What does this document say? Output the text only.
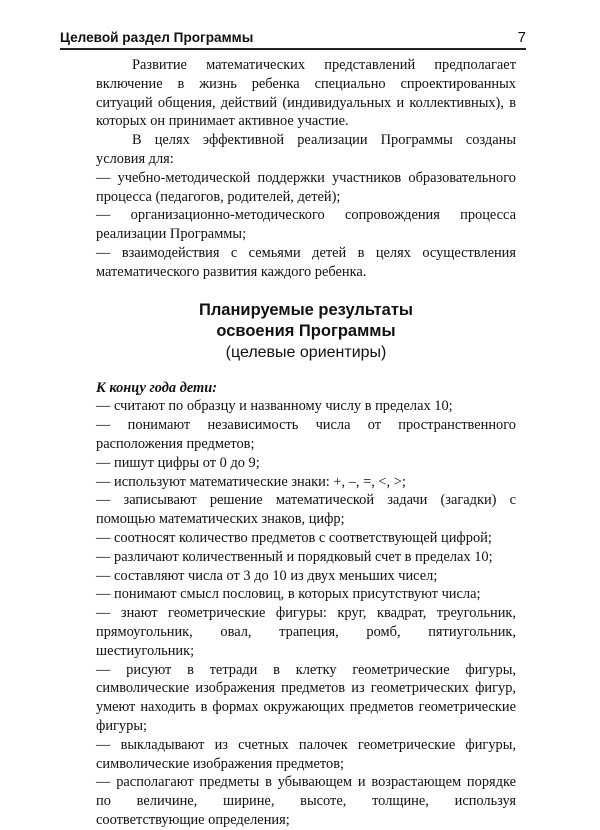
Целевой раздел Программы	7

Развитие математических представлений предполагает включение в жизнь ребенка специально спроектированных ситуаций общения, действий (индивидуальных и коллективных), в которых он принимает активное участие.

В целях эффективной реализации Программы созданы условия для:

— учебно-методической поддержки участников образовательного процесса (педагогов, родителей, детей);
— организационно-методического сопровождения процесса реализации Программы;
— взаимодействия с семьями детей в целях осуществления математического развития каждого ребенка.
Планируемые результаты
освоения Программы
(целевые ориентиры)

К концу года дети:

— считают по образцу и названному числу в пределах 10;
— понимают независимость числа от пространственного расположения предметов;
— пишут цифры от 0 до 9;
— используют математические знаки: +, –, =, <, >;
— записывают решение математической задачи (загадки) с помощью математических знаков, цифр;
— соотносят количество предметов с соответствующей цифрой;
— различают количественный и порядковый счет в пределах 10;
— составляют числа от 3 до 10 из двух меньших чисел;
— понимают смысл пословиц, в которых присутствуют числа;
— знают геометрические фигуры: круг, квадрат, треугольник, прямоугольник, овал, трапеция, ромб, пятиугольник, шестиугольник;
— рисуют в тетради в клетку геометрические фигуры, символические изображения предметов из геометрических фигур, умеют находить в формах окружающих предметов геометрические фигуры;
— выкладывают из счетных палочек геометрические фигуры, символические изображения предметов;
— располагают предметы в убывающем и возрастающем порядке по величине, ширине, высоте, толщине, используя соответствующие определения;
